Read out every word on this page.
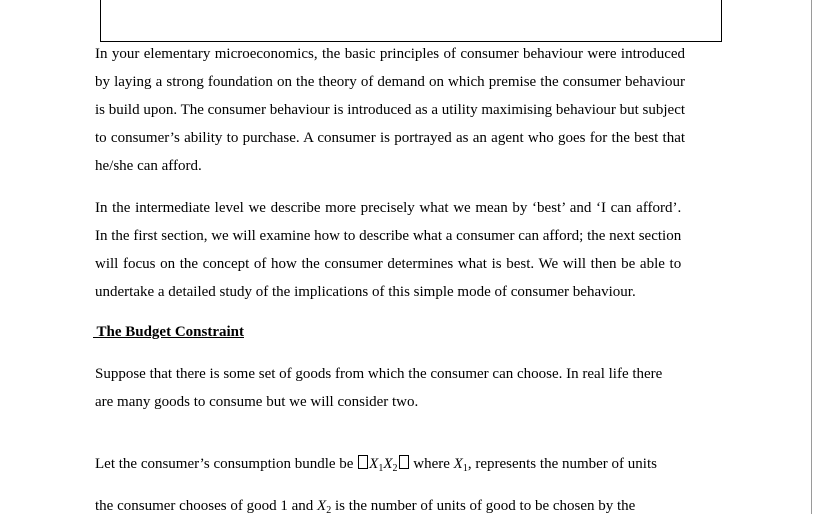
In your elementary microeconomics, the basic principles of consumer behaviour were introduced
by laying a strong foundation on the theory of demand on which premise the consumer behaviour
is build upon. The consumer behaviour is introduced as a utility maximising behaviour but subject
to consumer’s ability to purchase. A consumer is portrayed as an agent who goes for the best that
he/she can afford.

In the intermediate level we describe more precisely what we mean by ‘best’ and ‘I can afford’.
In the first section, we will examine how to describe what a consumer can afford; the next section
will focus on the concept of how the consumer determines what is best. We will then be able to
undertake a detailed study of the implications of this simple mode of consumer behaviour.

The Budget Constraint

Suppose that there is some set of goods from which the consumer can choose. In real life there
are many goods to consume but we will consider two.

Let the consumer’s consumption bundle be $X_1X_2$ where $X_1$, represents the number of units

the consumer chooses of good 1 and $X_2$ is the number of units of good to be chosen by the
